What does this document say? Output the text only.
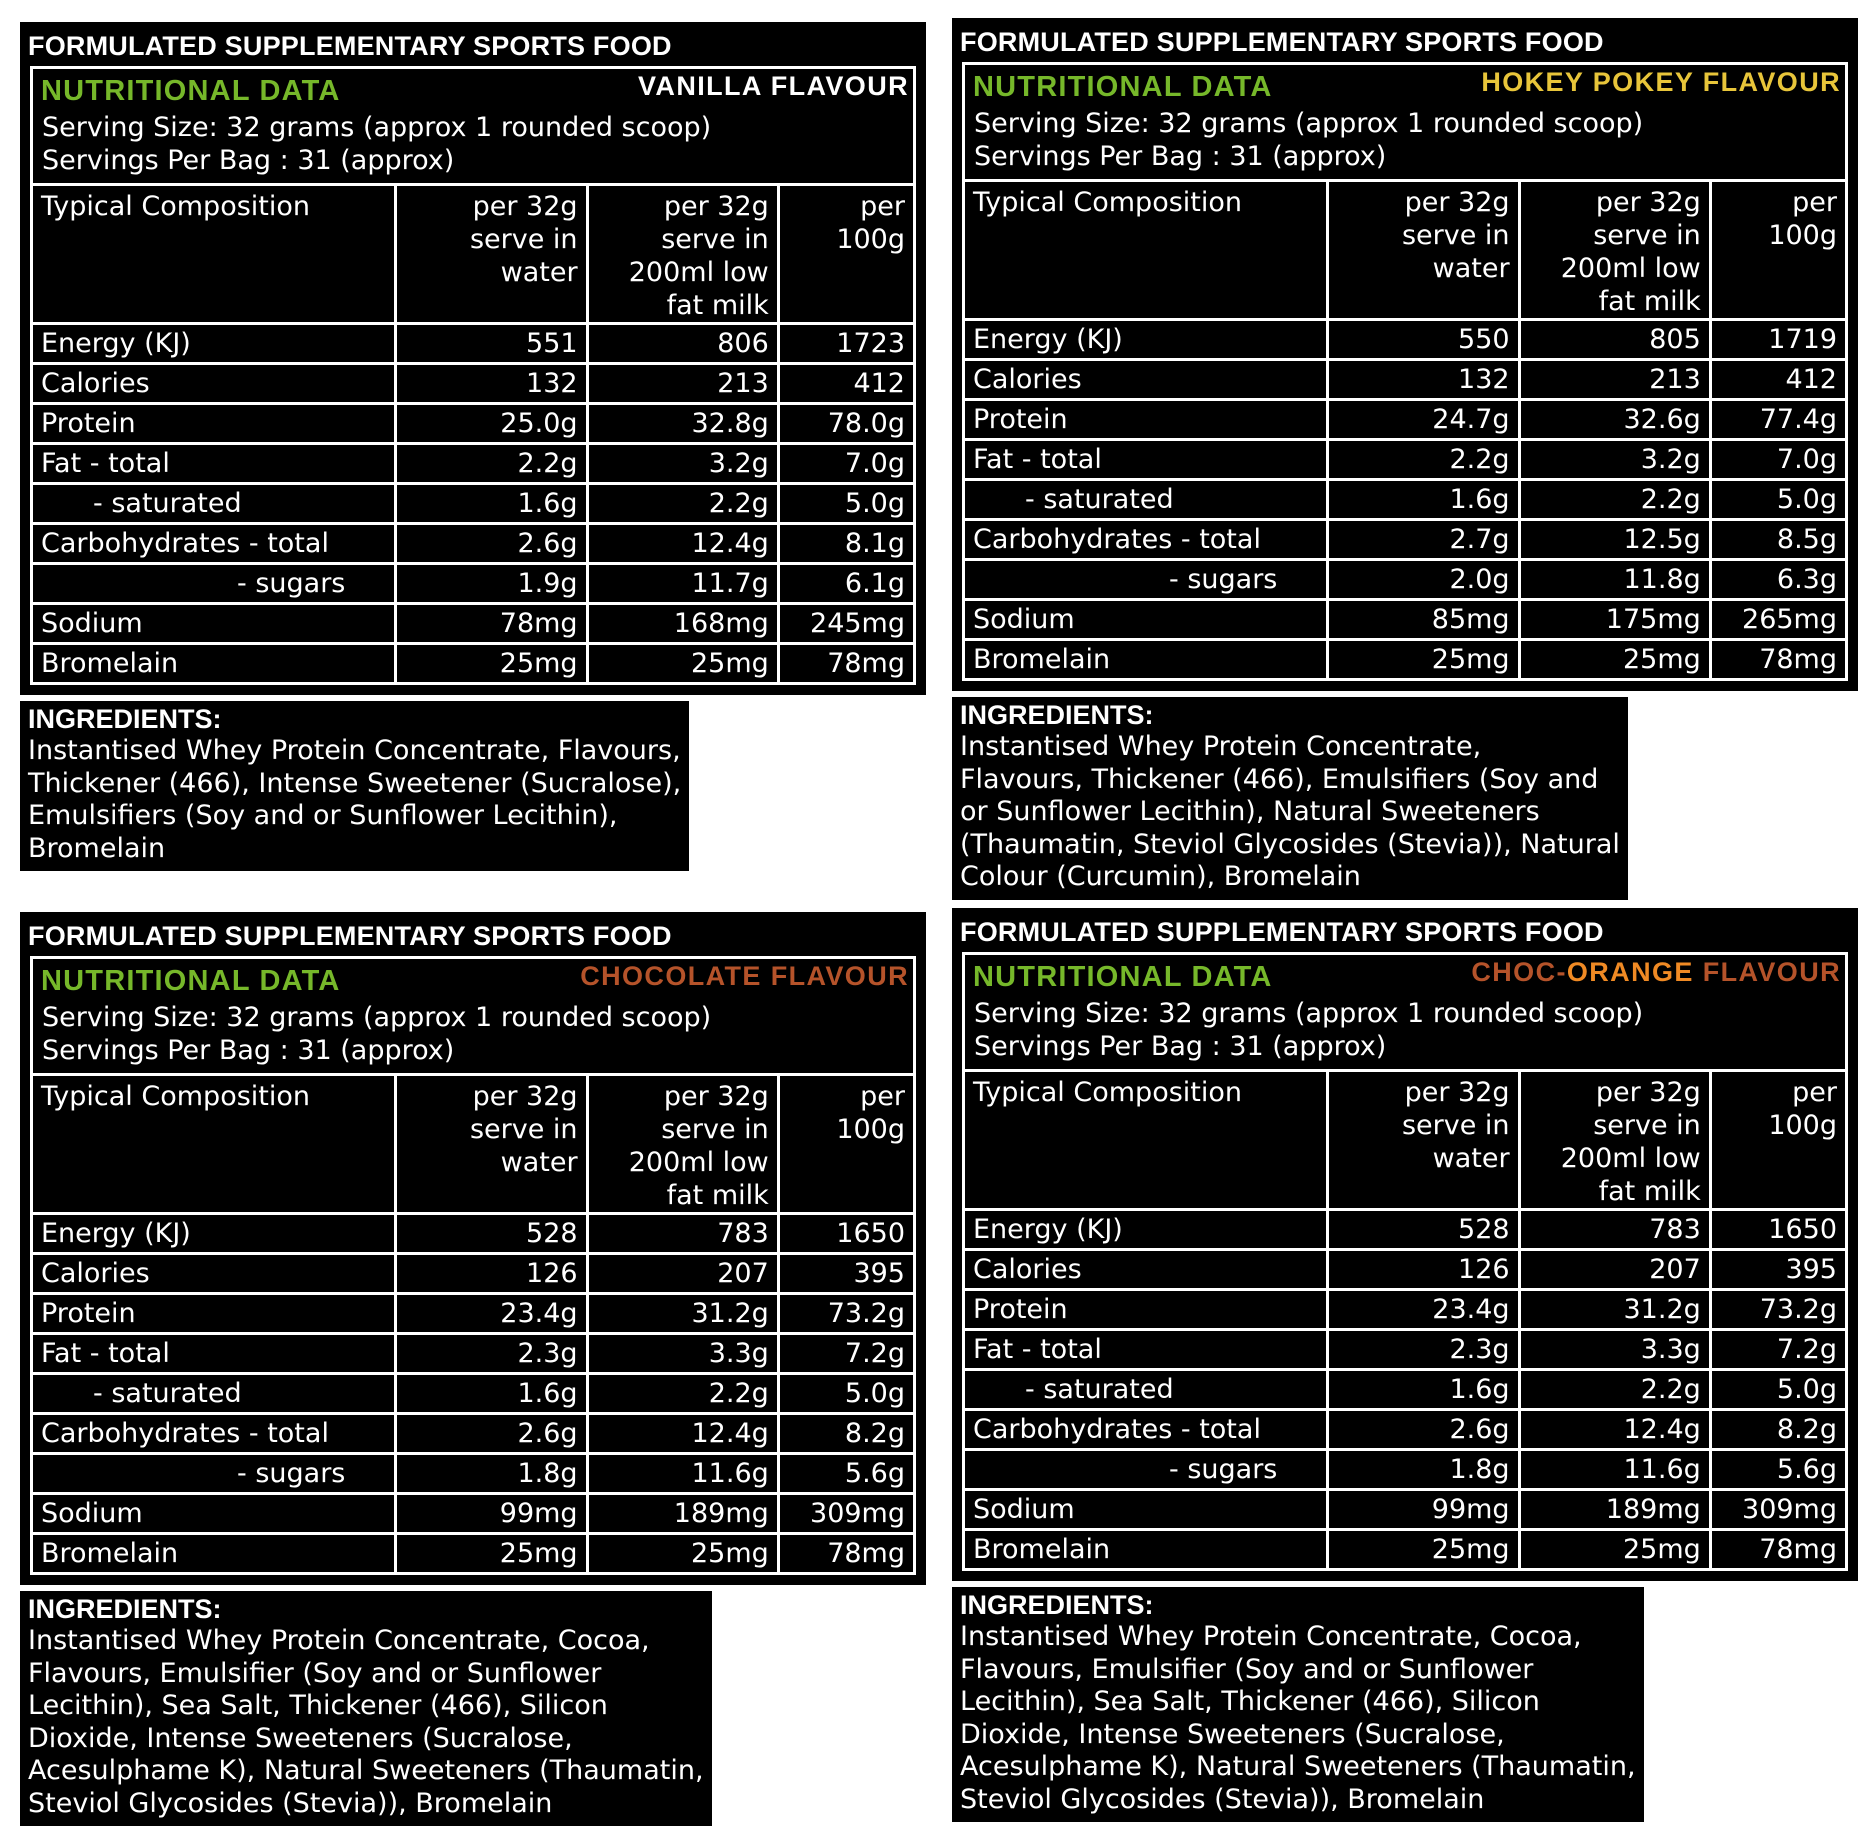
FORMULATED SUPPLEMENTARY SPORTS FOOD
NUTRITIONAL DATA	VANILLA FLAVOUR
Serving Size: 32 grams (approx 1 rounded scoop)
Servings Per Bag : 31 (approx)
Typical Composition	per 32g serve in water	per 32g serve in 200ml low fat milk	per 100g
Energy (KJ)	551	806	1723
Calories	132	213	412
Protein	25.0g	32.8g	78.0g
Fat - total	2.2g	3.2g	7.0g
- saturated	1.6g	2.2g	5.0g
Carbohydrates - total	2.6g	12.4g	8.1g
- sugars	1.9g	11.7g	6.1g
Sodium	78mg	168mg	245mg
Bromelain	25mg	25mg	78mg
INGREDIENTS:
Instantised Whey Protein Concentrate, Flavours,
Thickener (466), Intense Sweetener (Sucralose),
Emulsifiers (Soy and or Sunflower Lecithin),
Bromelain
FORMULATED SUPPLEMENTARY SPORTS FOOD
NUTRITIONAL DATA	HOKEY POKEY FLAVOUR
Serving Size: 32 grams (approx 1 rounded scoop)
Servings Per Bag : 31 (approx)
Typical Composition	per 32g serve in water	per 32g serve in 200ml low fat milk	per 100g
Energy (KJ)	550	805	1719
Calories	132	213	412
Protein	24.7g	32.6g	77.4g
Fat - total	2.2g	3.2g	7.0g
- saturated	1.6g	2.2g	5.0g
Carbohydrates - total	2.7g	12.5g	8.5g
- sugars	2.0g	11.8g	6.3g
Sodium	85mg	175mg	265mg
Bromelain	25mg	25mg	78mg
INGREDIENTS:
Instantised Whey Protein Concentrate,
Flavours, Thickener (466), Emulsifiers (Soy and
or Sunflower Lecithin), Natural Sweeteners
(Thaumatin, Steviol Glycosides (Stevia)), Natural
Colour (Curcumin), Bromelain
FORMULATED SUPPLEMENTARY SPORTS FOOD
NUTRITIONAL DATA	CHOCOLATE FLAVOUR
Serving Size: 32 grams (approx 1 rounded scoop)
Servings Per Bag : 31 (approx)
Typical Composition	per 32g serve in water	per 32g serve in 200ml low fat milk	per 100g
Energy (KJ)	528	783	1650
Calories	126	207	395
Protein	23.4g	31.2g	73.2g
Fat - total	2.3g	3.3g	7.2g
- saturated	1.6g	2.2g	5.0g
Carbohydrates - total	2.6g	12.4g	8.2g
- sugars	1.8g	11.6g	5.6g
Sodium	99mg	189mg	309mg
Bromelain	25mg	25mg	78mg
INGREDIENTS:
Instantised Whey Protein Concentrate, Cocoa,
Flavours, Emulsifier (Soy and or Sunflower
Lecithin), Sea Salt, Thickener (466), Silicon
Dioxide, Intense Sweeteners (Sucralose,
Acesulphame K), Natural Sweeteners (Thaumatin,
Steviol Glycosides (Stevia)), Bromelain
FORMULATED SUPPLEMENTARY SPORTS FOOD
NUTRITIONAL DATA	CHOC-ORANGE FLAVOUR
Serving Size: 32 grams (approx 1 rounded scoop)
Servings Per Bag : 31 (approx)
Typical Composition	per 32g serve in water	per 32g serve in 200ml low fat milk	per 100g
Energy (KJ)	528	783	1650
Calories	126	207	395
Protein	23.4g	31.2g	73.2g
Fat - total	2.3g	3.3g	7.2g
- saturated	1.6g	2.2g	5.0g
Carbohydrates - total	2.6g	12.4g	8.2g
- sugars	1.8g	11.6g	5.6g
Sodium	99mg	189mg	309mg
Bromelain	25mg	25mg	78mg
INGREDIENTS:
Instantised Whey Protein Concentrate, Cocoa,
Flavours, Emulsifier (Soy and or Sunflower
Lecithin), Sea Salt, Thickener (466), Silicon
Dioxide, Intense Sweeteners (Sucralose,
Acesulphame K), Natural Sweeteners (Thaumatin,
Steviol Glycosides (Stevia)), Bromelain
